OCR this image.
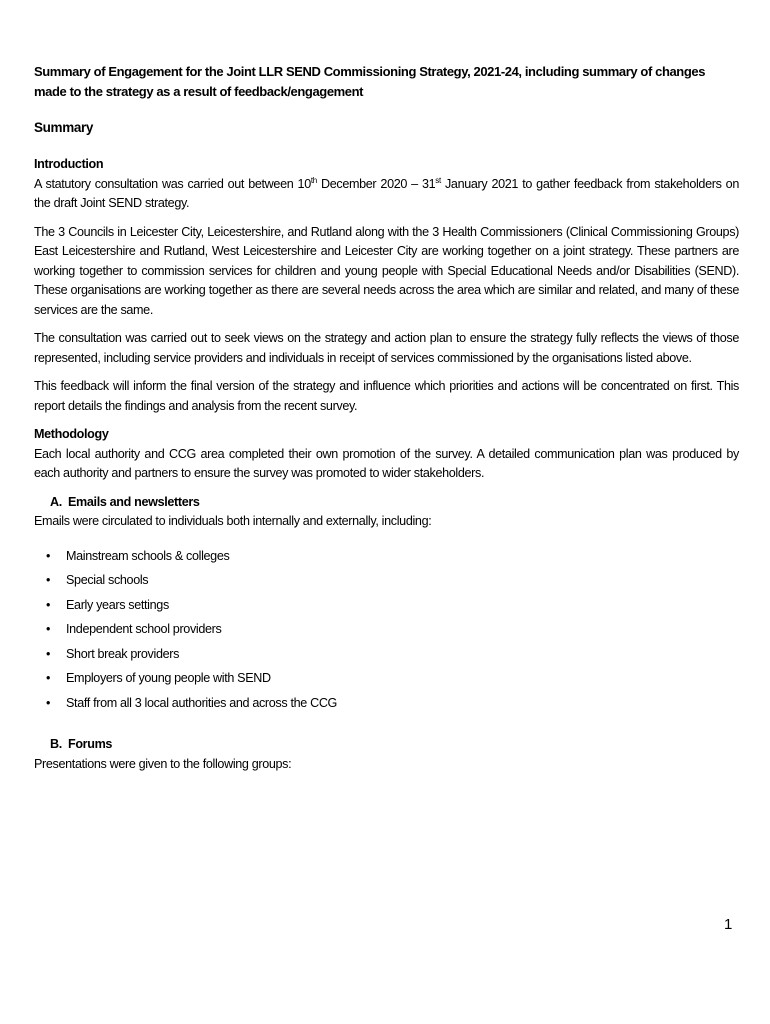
Summary of Engagement for the Joint LLR SEND Commissioning Strategy, 2021-24, including summary of changes made to the strategy as a result of feedback/engagement
Summary
Introduction

A statutory consultation was carried out between 10th December 2020 – 31st January 2021 to gather feedback from stakeholders on the draft Joint SEND strategy.

The 3 Councils in Leicester City, Leicestershire, and Rutland along with the 3 Health Commissioners (Clinical Commissioning Groups) East Leicestershire and Rutland, West Leicestershire and Leicester City are working together on a joint strategy. These partners are working together to commission services for children and young people with Special Educational Needs and/or Disabilities (SEND). These organisations are working together as there are several needs across the area which are similar and related, and many of these services are the same.

The consultation was carried out to seek views on the strategy and action plan to ensure the strategy fully reflects the views of those represented, including service providers and individuals in receipt of services commissioned by the organisations listed above.

This feedback will inform the final version of the strategy and influence which priorities and actions will be concentrated on first. This report details the findings and analysis from the recent survey.

Methodology

Each local authority and CCG area completed their own promotion of the survey. A detailed communication plan was produced by each authority and partners to ensure the survey was promoted to wider stakeholders.

A. Emails and newsletters
Emails were circulated to individuals both internally and externally, including:
• Mainstream schools & colleges
• Special schools
• Early years settings
• Independent school providers
• Short break providers
• Employers of young people with SEND
• Staff from all 3 local authorities and across the CCG
B. Forums
Presentations were given to the following groups:
1
